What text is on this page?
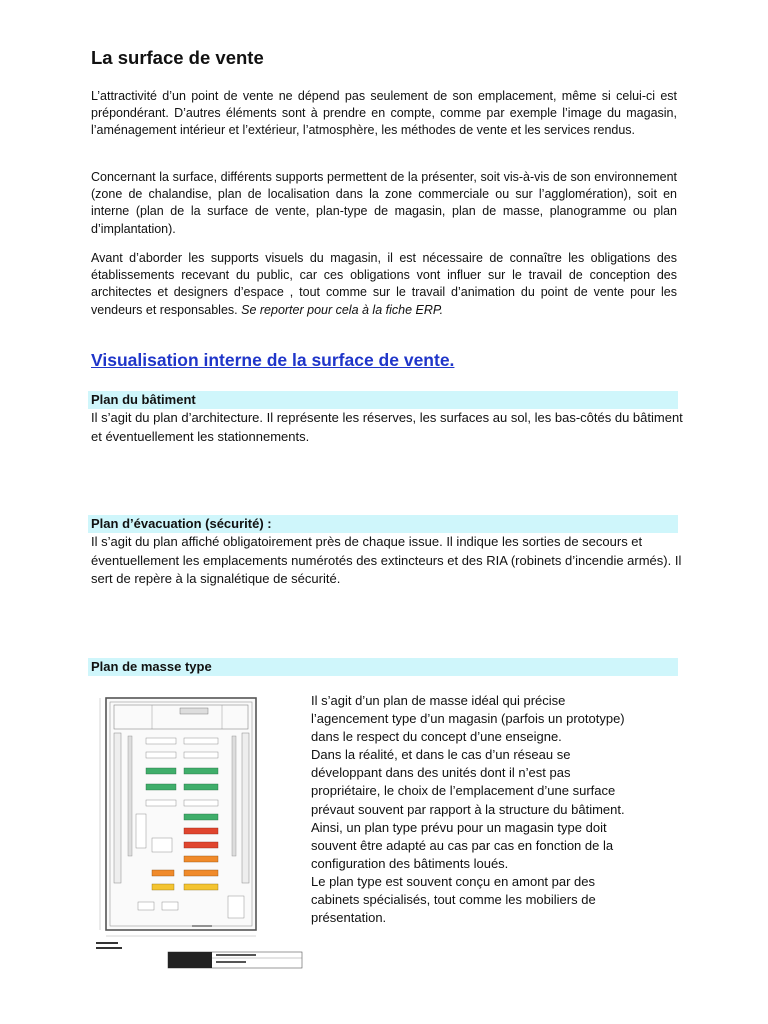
La surface de vente

L’attractivité d’un point de vente ne dépend pas seulement de son emplacement, même si celui-ci est prépondérant. D’autres éléments sont à prendre en compte, comme par exemple l’image du magasin, l’aménagement intérieur et l’extérieur, l’atmosphère, les méthodes de vente et les services rendus.

Concernant la surface, différents supports permettent de la présenter, soit vis-à-vis de son environnement (zone de chalandise, plan de localisation dans la zone commerciale ou sur l’agglomération), soit en interne (plan de la surface de vente, plan-type de magasin, plan de masse, planogramme ou plan d’implantation).

Avant d’aborder les supports visuels du magasin, il est nécessaire de connaître les obligations des établissements recevant du public, car ces obligations vont influer sur le travail de conception des architectes et designers d’espace , tout comme sur le travail d’animation du point de vente pour les vendeurs et responsables. Se reporter pour cela à la fiche ERP.

Visualisation interne de la surface de vente.
Plan du bâtiment

Il s’agit du plan d’architecture. Il représente les réserves, les surfaces au sol, les bas-côtés du bâtiment et éventuellement les stationnements.

Plan d’évacuation (sécurité) :

Il s’agit du plan affiché obligatoirement près de chaque issue. Il indique les sorties de secours et éventuellement les emplacements numérotés des extincteurs et des RIA (robinets d’incendie armés). Il sert de repère à la signalétique de sécurité.

Plan de masse type
Il s’agit d’un plan de masse idéal qui précise
l’agencement type d’un magasin (parfois un prototype)
dans le respect du concept d’une enseigne.
Dans la réalité, et dans le cas d’un réseau se
développant dans des unités dont il n’est pas
propriétaire, le choix de l’emplacement d’une surface
prévaut souvent par rapport à la structure du bâtiment.
Ainsi, un plan type prévu pour un magasin type doit
souvent être adapté au cas par cas en fonction de la
configuration des bâtiments loués.
Le plan type est souvent conçu en amont par des
cabinets spécialisés, tout comme les mobiliers de
présentation.
